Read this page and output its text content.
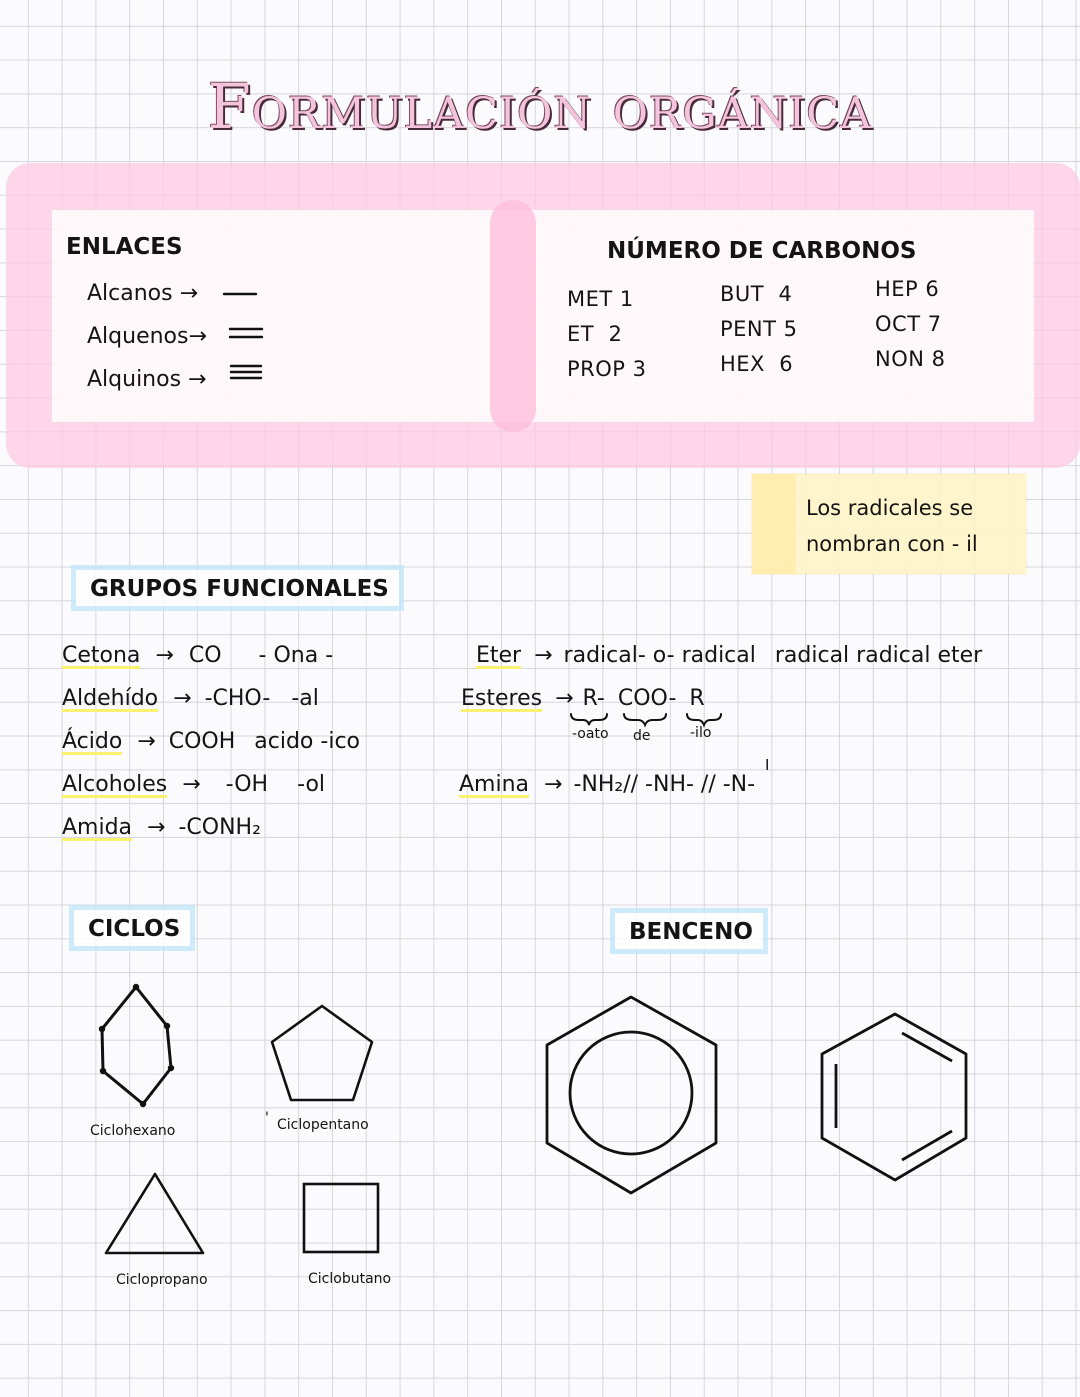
Formulación orgánica
ENLACES
Alcanos →
Alquenos→
Alquinos →
NÚMERO DE CARBONOS
MET 1
ET  2
PROP 3
BUT  4
PENT 5
HEX  6
HEP 6
OCT 7
NON 8
Los radicales se
nombran con - il
GRUPOS FUNCIONALES
Cetona → CO - Ona -
Aldehído → -CHO- -al
Ácido → COOH acido -ico
Alcoholes → -OH -ol
Amida → -CONH₂
Eter → radical- o- radical radical radical eter
Esteres → R- COO- R
-oato de	-ilo
Amina → -NH₂// -NH- // -N-
I
CICLOS
Ciclohexano
' Ciclopentano
Ciclopropano	Ciclobutano
BENCENO
